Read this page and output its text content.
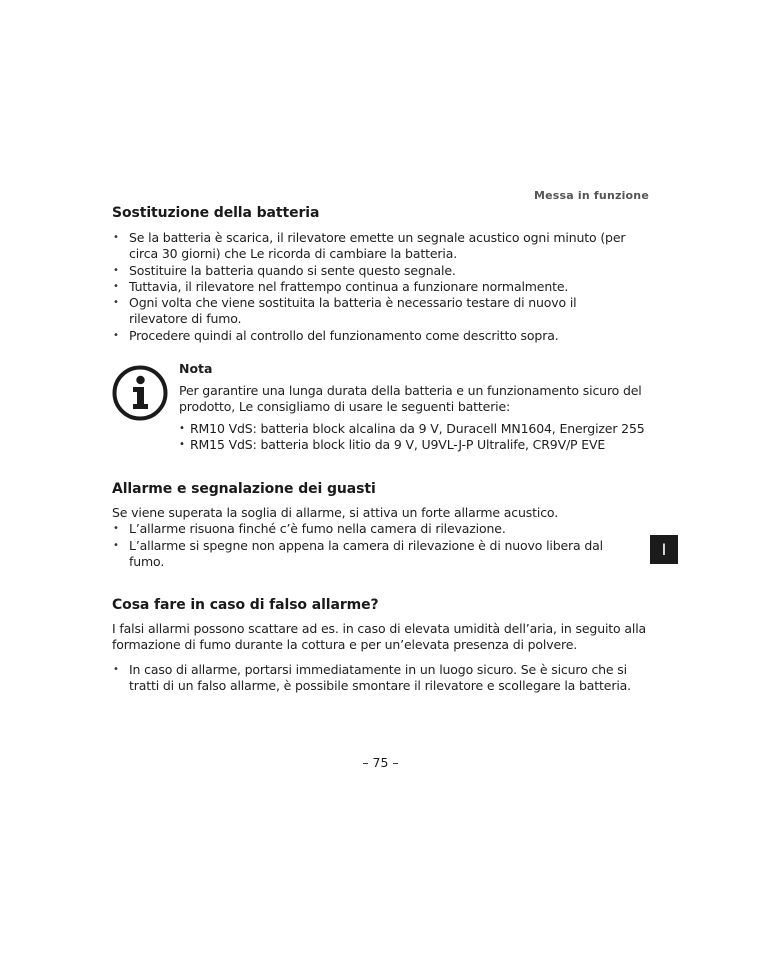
Messa in funzione
Sostituzione della batteria
• Se la batteria è scarica, il rilevatore emette un segnale acustico ogni minuto (per circa 30 giorni) che Le ricorda di cambiare la batteria.
• Sostituire la batteria quando si sente questo segnale.
• Tuttavia, il rilevatore nel frattempo continua a funzionare normalmente.
• Ogni volta che viene sostituita la batteria è necessario testare di nuovo il rilevatore di fumo.
• Procedere quindi al controllo del funzionamento come descritto sopra.

Nota

Per garantire una lunga durata della batteria e un funzionamento sicuro del prodotto, Le consigliamo di usare le seguenti batterie:

• RM10 VdS: batteria block alcalina da 9 V, Duracell MN1604, Energizer 255
• RM15 VdS: batteria block litio da 9 V, U9VL-J-P Ultralife, CR9V/P EVE
Allarme e segnalazione dei guasti

Se viene superata la soglia di allarme, si attiva un forte allarme acustico.

• L’allarme risuona finché c’è fumo nella camera di rilevazione.
• L’allarme si spegne non appena la camera di rilevazione è di nuovo libera dal fumo.
I
Cosa fare in caso di falso allarme?

I falsi allarmi possono scattare ad es. in caso di elevata umidità dell’aria, in seguito alla formazione di fumo durante la cottura e per un’elevata presenza di polvere.

• In caso di allarme, portarsi immediatamente in un luogo sicuro. Se è sicuro che si tratti di un falso allarme, è possibile smontare il rilevatore e scollegare la batteria.
– 75 –
